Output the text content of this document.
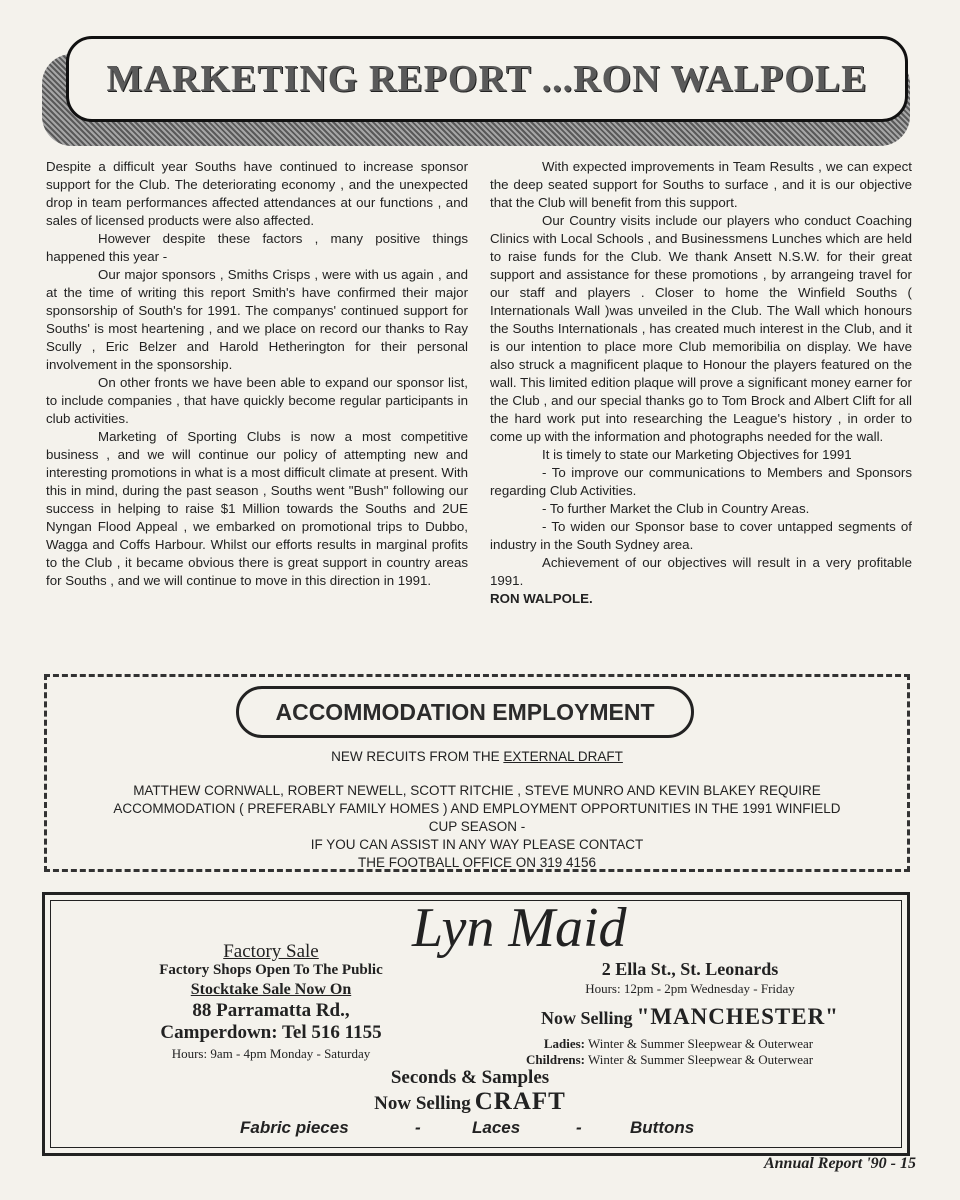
MARKETING REPORT ...RON WALPOLE

Despite a difficult year Souths have continued to increase sponsor support for the Club. The deteriorating economy , and the unexpected drop in team performances affected attendances at our functions , and sales of licensed products were also affected.

However despite these factors , many positive things happened this year -

Our major sponsors , Smiths Crisps , were with us again , and at the time of writing this report Smith's have confirmed their major sponsorship of South's for 1991. The companys' continued support for Souths' is most heartening , and we place on record our thanks to Ray Scully , Eric Belzer and Harold Hetherington for their personal involvement in the sponsorship.

On other fronts we have been able to expand our sponsor list, to include companies , that have quickly become regular participants in club activities.

Marketing of Sporting Clubs is now a most competitive business , and we will continue our policy of attempting new and interesting promotions in what is a most difficult climate at present. With this in mind, during the past season , Souths went "Bush" following our success in helping to raise $1 Million towards the Souths and 2UE Nyngan Flood Appeal , we embarked on promotional trips to Dubbo, Wagga and Coffs Harbour. Whilst our efforts results in marginal profits to the Club , it became obvious there is great support in country areas for Souths , and we will continue to move in this direction in 1991.

With expected improvements in Team Results , we can expect the deep seated support for Souths to surface , and it is our objective that the Club will benefit from this support.

Our Country visits include our players who conduct Coaching Clinics with Local Schools , and Businessmens Lunches which are held to raise funds for the Club. We thank Ansett N.S.W. for their great support and assistance for these promotions , by arrangeing travel for our staff and players . Closer to home the Winfield Souths ( Internationals Wall )was unveiled in the Club. The Wall which honours the Souths Internationals , has created much interest in the Club, and it is our intention to place more Club memoribilia on display. We have also struck a magnificent plaque to Honour the players featured on the wall. This limited edition plaque will prove a significant money earner for the Club , and our special thanks go to Tom Brock and Albert Clift for all the hard work put into researching the League's history , in order to come up with the information and photographs needed for the wall.

It is timely to state our Marketing Objectives for 1991

- To improve our communications to Members and Sponsors regarding Club Activities.

- To further Market the Club in Country Areas.

- To widen our Sponsor base to cover untapped segments of industry in the South Sydney area.

Achievement of our objectives will result in a very profitable 1991.

RON WALPOLE.

ACCOMMODATION EMPLOYMENT

NEW RECUITS FROM THE EXTERNAL DRAFT

MATTHEW CORNWALL, ROBERT NEWELL, SCOTT RITCHIE , STEVE MUNRO AND KEVIN BLAKEY REQUIRE
ACCOMMODATION ( PREFERABLY FAMILY HOMES ) AND EMPLOYMENT OPPORTUNITIES IN THE 1991 WINFIELD
CUP SEASON -
IF YOU CAN ASSIST IN ANY WAY PLEASE CONTACT
THE FOOTBALL OFFICE ON 319 4156
Lyn Maid
Factory Sale
Factory Shops Open To The Public
Stocktake Sale Now On
88 Parramatta Rd.,
Camperdown: Tel 516 1155
Hours: 9am - 4pm Monday - Saturday
2 Ella St., St. Leonards
Hours: 12pm - 2pm Wednesday - Friday
Now Selling "MANCHESTER"
Ladies: Winter & Summer Sleepwear & Outerwear
Childrens: Winter & Summer Sleepwear & Outerwear
Seconds & Samples
Now Selling CRAFT
Fabric pieces	-	Laces	-	Buttons
Annual Report '90 - 15
